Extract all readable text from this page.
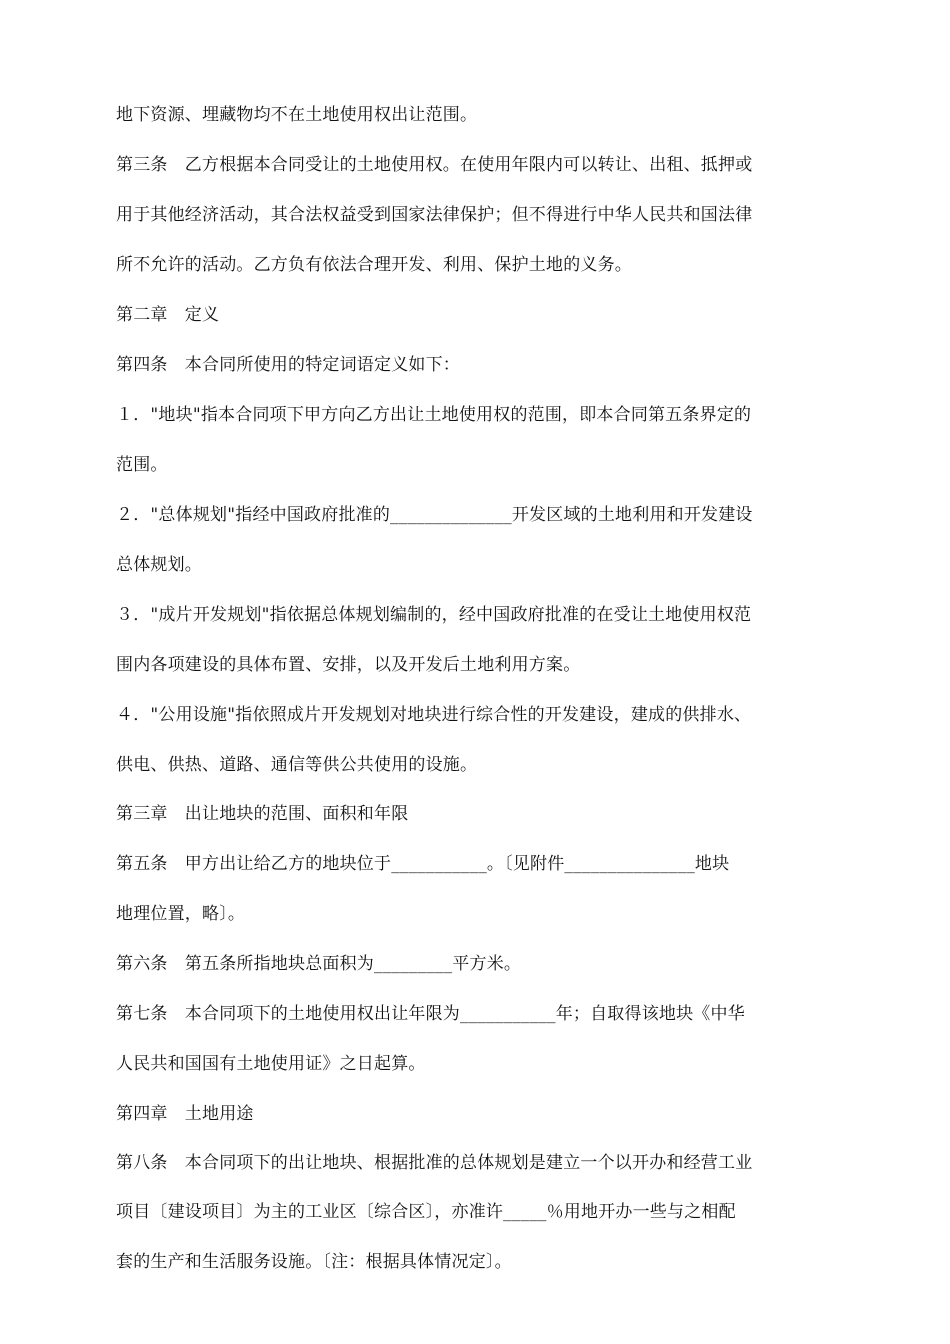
地下资源、埋藏物均不在土地使用权出让范围。
第三条　乙方根据本合同受让的土地使用权。在使用年限内可以转让、出租、抵押或
用于其他经济活动，其合法权益受到国家法律保护；但不得进行中华人民共和国法律
所不允许的活动。乙方负有依法合理开发、利用、保护土地的义务。
第二章　定义
第四条　本合同所使用的特定词语定义如下：
１．"地块"指本合同项下甲方向乙方出让土地使用权的范围，即本合同第五条界定的
范围。
２．"总体规划"指经中国政府批准的______________开发区域的土地利用和开发建设
总体规划。
３．"成片开发规划"指依据总体规划编制的，经中国政府批准的在受让土地使用权范
围内各项建设的具体布置、安排，以及开发后土地利用方案。
４．"公用设施"指依照成片开发规划对地块进行综合性的开发建设，建成的供排水、
供电、供热、道路、通信等供公共使用的设施。
第三章　出让地块的范围、面积和年限
第五条　甲方出让给乙方的地块位于___________。〔见附件_______________地块
地理位置，略〕。
第六条　第五条所指地块总面积为_________平方米。
第七条　本合同项下的土地使用权出让年限为___________年；自取得该地块《中华
人民共和国国有土地使用证》之日起算。
第四章　土地用途
第八条　本合同项下的出让地块、根据批准的总体规划是建立一个以开办和经营工业
项目〔建设项目〕为主的工业区〔综合区〕，亦准许_____％用地开办一些与之相配
套的生产和生活服务设施。〔注：根据具体情况定〕。
